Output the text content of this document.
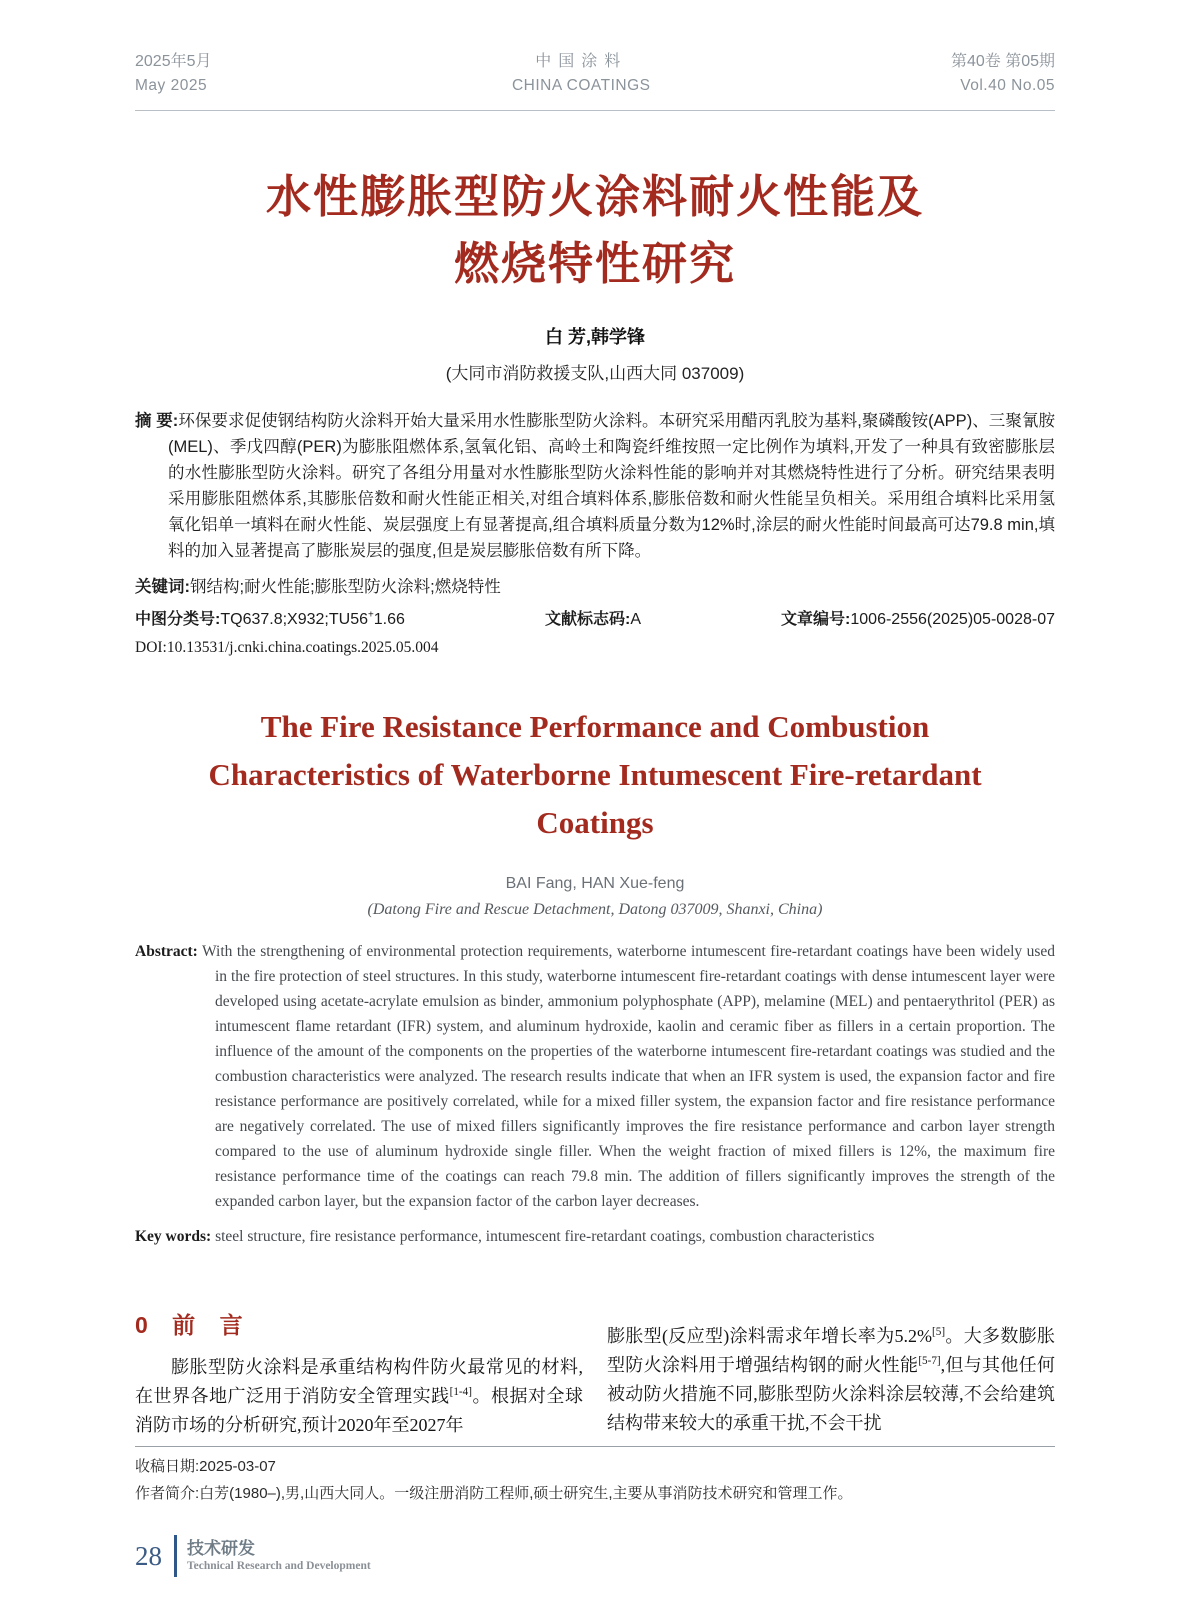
2025年5月
May 2025
中国涂料
CHINA COATINGS
第40卷 第05期
Vol.40 No.05
水性膨胀型防火涂料耐火性能及
燃烧特性研究
白 芳,韩学锋
(大同市消防救援支队,山西大同 037009)

摘 要:环保要求促使钢结构防火涂料开始大量采用水性膨胀型防火涂料。本研究采用醋丙乳胶为基料,聚磷酸铵(APP)、三聚氰胺(MEL)、季戊四醇(PER)为膨胀阻燃体系,氢氧化铝、高岭土和陶瓷纤维按照一定比例作为填料,开发了一种具有致密膨胀层的水性膨胀型防火涂料。研究了各组分用量对水性膨胀型防火涂料性能的影响并对其燃烧特性进行了分析。研究结果表明采用膨胀阻燃体系,其膨胀倍数和耐火性能正相关,对组合填料体系,膨胀倍数和耐火性能呈负相关。采用组合填料比采用氢氧化铝单一填料在耐火性能、炭层强度上有显著提高,组合填料质量分数为12%时,涂层的耐火性能时间最高可达79.8 min,填料的加入显著提高了膨胀炭层的强度,但是炭层膨胀倍数有所下降。

关键词:钢结构;耐火性能;膨胀型防火涂料;燃烧特性

中图分类号:TQ637.8;X932;TU56+1.66	文献标志码:A	文章编号:1006-2556(2025)05-0028-07
DOI:10.13531/j.cnki.china.coatings.2025.05.004
The Fire Resistance Performance and Combustion
Characteristics of Waterborne Intumescent Fire-retardant
Coatings
BAI Fang, HAN Xue-feng
(Datong Fire and Rescue Detachment, Datong 037009, Shanxi, China)

Abstract: With the strengthening of environmental protection requirements, waterborne intumescent fire-retardant coatings have been widely used in the fire protection of steel structures. In this study, waterborne intumescent fire-retardant coatings with dense intumescent layer were developed using acetate-acrylate emulsion as binder, ammonium polyphosphate (APP), melamine (MEL) and pentaerythritol (PER) as intumescent flame retardant (IFR) system, and aluminum hydroxide, kaolin and ceramic fiber as fillers in a certain proportion. The influence of the amount of the components on the properties of the waterborne intumescent fire-retardant coatings was studied and the combustion characteristics were analyzed. The research results indicate that when an IFR system is used, the expansion factor and fire resistance performance are positively correlated, while for a mixed filler system, the expansion factor and fire resistance performance are negatively correlated. The use of mixed fillers significantly improves the fire resistance performance and carbon layer strength compared to the use of aluminum hydroxide single filler. When the weight fraction of mixed fillers is 12%, the maximum fire resistance performance time of the coatings can reach 79.8 min. The addition of fillers significantly improves the strength of the expanded carbon layer, but the expansion factor of the carbon layer decreases.

Key words: steel structure, fire resistance performance, intumescent fire-retardant coatings, combustion characteristics

0 前 言

膨胀型防火涂料是承重结构构件防火最常见的材料,在世界各地广泛用于消防安全管理实践[1-4]。根据对全球消防市场的分析研究,预计2020年至2027年

膨胀型(反应型)涂料需求年增长率为5.2%[5]。大多数膨胀型防火涂料用于增强结构钢的耐火性能[5-7],但与其他任何被动防火措施不同,膨胀型防火涂料涂层较薄,不会给建筑结构带来较大的承重干扰,不会干扰

收稿日期:2025-03-07
作者简介:白芳(1980–),男,山西大同人。一级注册消防工程师,硕士研究生,主要从事消防技术研究和管理工作。
28 技术研发
Technical Research and Development
